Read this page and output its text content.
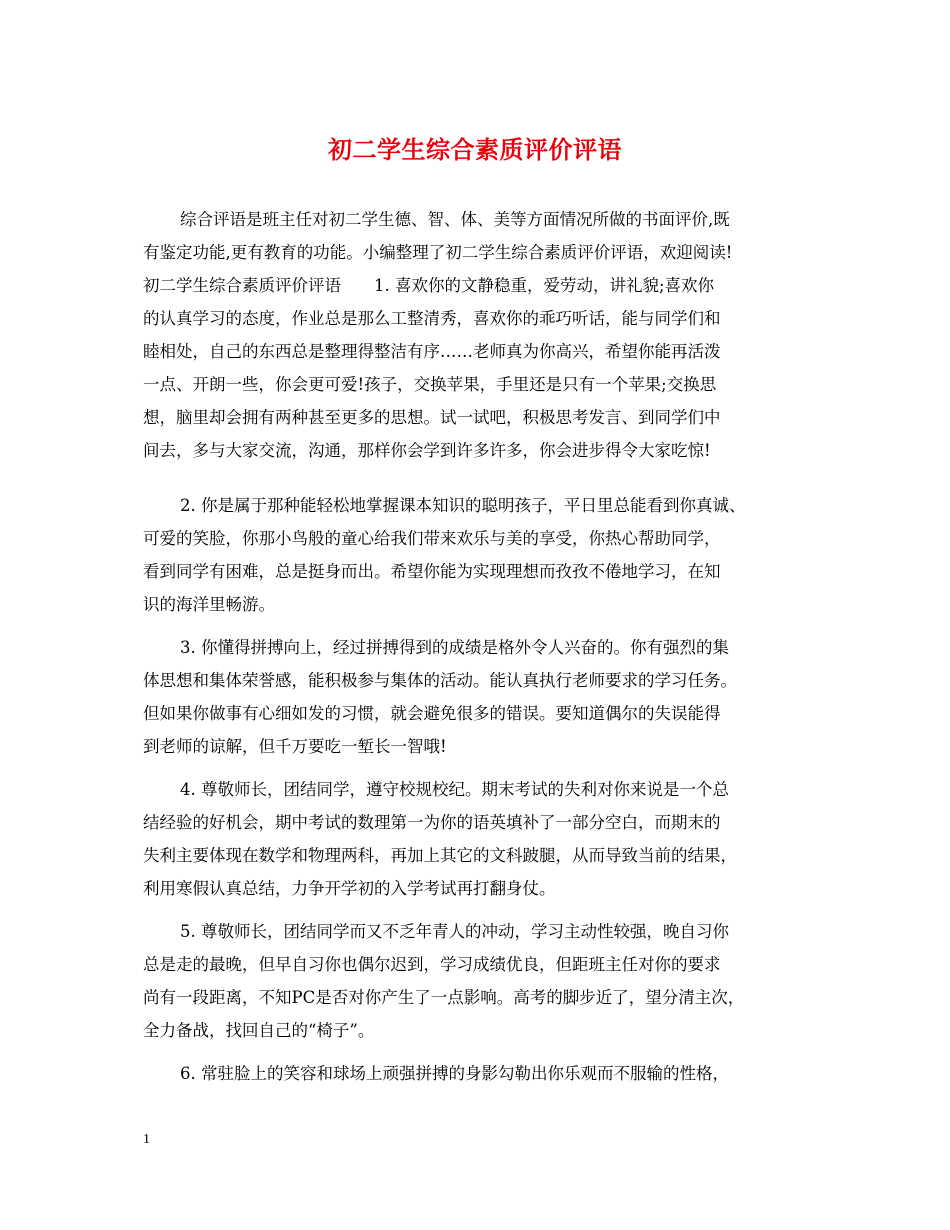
初二学生综合素质评价评语
综合评语是班主任对初二学生德、智、体、美等方面情况所做的书面评价,既
有鉴定功能,更有教育的功能。小编整理了初二学生综合素质评价评语，欢迎阅读!
初二学生综合素质评价评语　　1. 喜欢你的文静稳重，爱劳动，讲礼貌;喜欢你
的认真学习的态度，作业总是那么工整清秀，喜欢你的乖巧听话，能与同学们和
睦相处，自己的东西总是整理得整洁有序……老师真为你高兴，希望你能再活泼
一点、开朗一些，你会更可爱!孩子，交换苹果，手里还是只有一个苹果;交换思
想，脑里却会拥有两种甚至更多的思想。试一试吧，积极思考发言、到同学们中
间去，多与大家交流，沟通，那样你会学到许多许多，你会进步得令大家吃惊!
2. 你是属于那种能轻松地掌握课本知识的聪明孩子，平日里总能看到你真诚、
可爱的笑脸，你那小鸟般的童心给我们带来欢乐与美的享受，你热心帮助同学，
看到同学有困难，总是挺身而出。希望你能为实现理想而孜孜不倦地学习，在知
识的海洋里畅游。
3. 你懂得拼搏向上，经过拼搏得到的成绩是格外令人兴奋的。你有强烈的集
体思想和集体荣誉感，能积极参与集体的活动。能认真执行老师要求的学习任务。
但如果你做事有心细如发的习惯，就会避免很多的错误。要知道偶尔的失误能得
到老师的谅解，但千万要吃一堑长一智哦!
4. 尊敬师长，团结同学，遵守校规校纪。期末考试的失利对你来说是一个总
结经验的好机会，期中考试的数理第一为你的语英填补了一部分空白，而期末的
失利主要体现在数学和物理两科，再加上其它的文科跛腿，从而导致当前的结果，
利用寒假认真总结，力争开学初的入学考试再打翻身仗。
5. 尊敬师长，团结同学而又不乏年青人的冲动，学习主动性较强，晚自习你
总是走的最晚，但早自习你也偶尔迟到，学习成绩优良，但距班主任对你的要求
尚有一段距离，不知PC是否对你产生了一点影响。高考的脚步近了，望分清主次，
全力备战，找回自己的“椅子”。
6. 常驻脸上的笑容和球场上顽强拼搏的身影勾勒出你乐观而不服输的性格，
1
